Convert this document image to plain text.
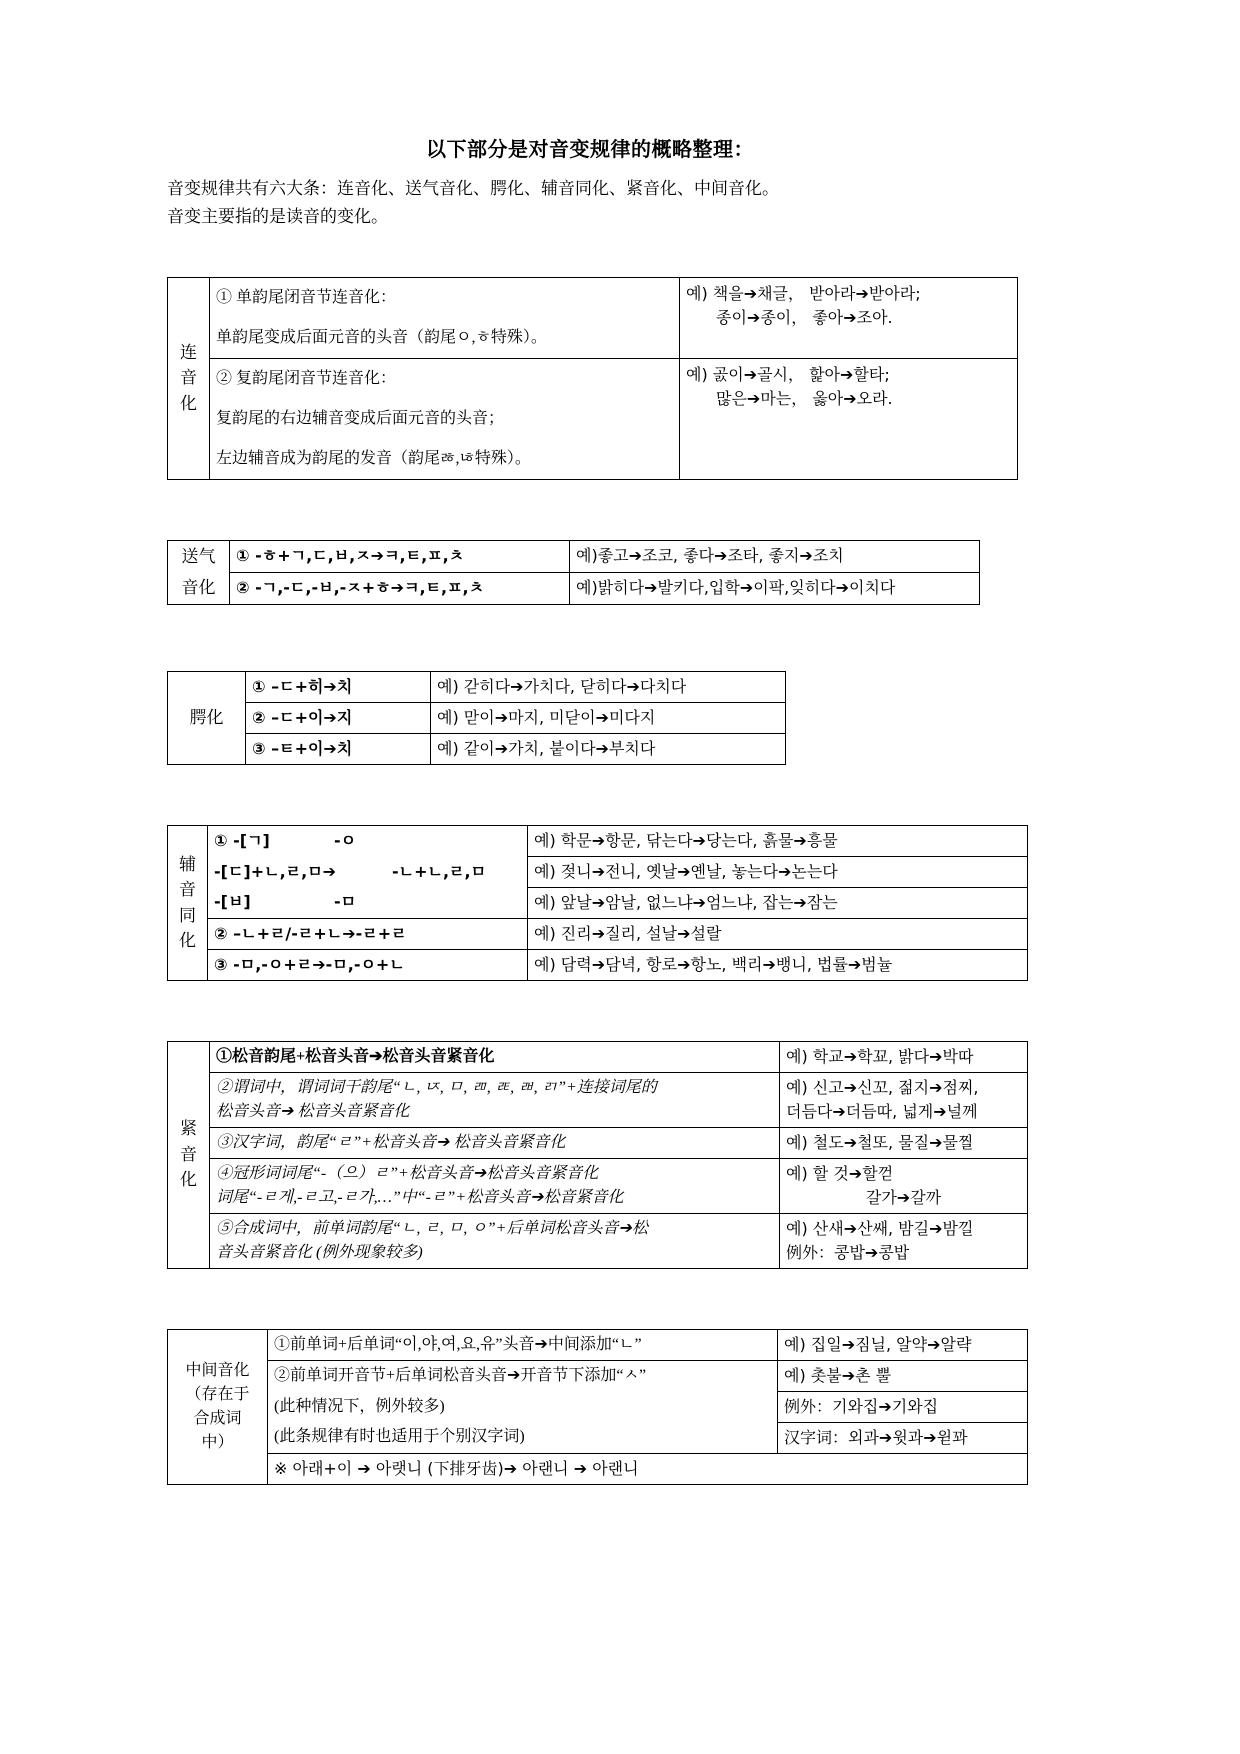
以下部分是对音变规律的概略整理：
音变规律共有六大条：连音化、送气音化、腭化、辅音同化、紧音化、中间音化。
音变主要指的是读音的变化。
连
音
化
	① 单韵尾闭音节连音化：	예) 책을➔채글， 받아라➔받아라;
종이➔종이， 좋아➔조아.

	单韵尾变成后面元音的头音（韵尾ㅇ,ㅎ特殊）。	
	② 复韵尾闭音节连音化：	예) 곬이➔골시， 핥아➔할타;
많은➔마는， 옳아➔오라.

	复韵尾的右边辅音变成后面元音的头音；	
	左边辅音成为韵尾的发音（韵尾ㅀ,ㄶ特殊）。	
送气	① -ㅎ+ㄱ,ㄷ,ㅂ,ㅈ➔ㅋ,ㅌ,ㅍ,ㅊ	예)좋고➔조코, 좋다➔조타, 좋지➔조치
音化	② -ㄱ,-ㄷ,-ㅂ,-ㅈ+ㅎ➔ㅋ,ㅌ,ㅍ,ㅊ	예)밝히다➔발키다,입학➔이팍,잊히다➔이치다
腭化	① –ㄷ+히➔치	예) 갇히다➔가치다, 닫히다➔다치다
	② –ㄷ+이➔지	예) 맏이➔마지, 미닫이➔미다지
	③ –ㅌ+이➔치	예) 같이➔가치, 붙이다➔부치다
辅
音
同
化	① -[ㄱ] -ㅇ	예) 학문➔항문, 닦는다➔당는다, 흙물➔흥물

	-[ㄷ]+ㄴ,ㄹ,ㅁ➔ -ㄴ+ㄴ,ㄹ,ㅁ	예) 젖니➔전니, 옛날➔옌날, 놓는다➔논는다

	-[ㅂ] -ㅁ	예) 앞날➔암날, 없느냐➔엄느냐, 잡는➔잠는
	② –ㄴ+ㄹ/-ㄹ+ㄴ➔-ㄹ+ㄹ	예) 진리➔질리, 설날➔설랄
	③ -ㅁ,-ㅇ+ㄹ➔-ㅁ,-ㅇ+ㄴ	예) 담력➔담녁, 항로➔항노, 백리➔뱅니, 법률➔범뉼
紧
音
化	①松音韵尾+松音头音➔松音头音紧音化	예) 학교➔학꾜, 밝다➔박따

	②谓词中，谓词词干韵尾“ㄴ, ㄵ, ㅁ, ㄻ, ㄾ, ㄼ, ㄺ”+连接词尾的
松音头音➔ 松音头音紧音化	예) 신고➔신꼬, 젊지➔점찌,
더듬다➔더듬따, 넓게➔널께

	③汉字词，韵尾“ㄹ”+松音头音➔ 松音头音紧音化	예) 철도➔철또, 물질➔물찔

	④冠形词词尾“-（으）ㄹ”+松音头音➔松音头音紧音化
词尾“-ㄹ게,-ㄹ고,-ㄹ가,…”中“-ㄹ”+松音头音➔松音紧音化	예) 할 것➔할껃
갈가➔갈까

	⑤合成词中，前单词韵尾“ㄴ, ㄹ, ㅁ, ㅇ”+后单词松音头音➔松
音头音紧音化 (例外现象较多)	예) 산새➔산쌔, 밤길➔밤낄
例外：콩밥➔콩밥
中间音化
（存在于
合成词
中）	①前单词+后单词“이,야,여,요,유”头音➔中间添加“ㄴ”	예) 집일➔짐닐, 알약➔알략
	②前单词开音节+后单词松音头音➔开音节下添加“ㅅ”	예) 촛불➔촌 뿔
	(此种情况下，例外较多)	例外：기와집➔기와집
	(此条规律有时也适用于个别汉字词)	汉字词：외과➔윗과➔윋꽈
	※ 아래+이 ➔ 아랫니 (下排牙齿)➔ 아랜니 ➔ 아랜니	
